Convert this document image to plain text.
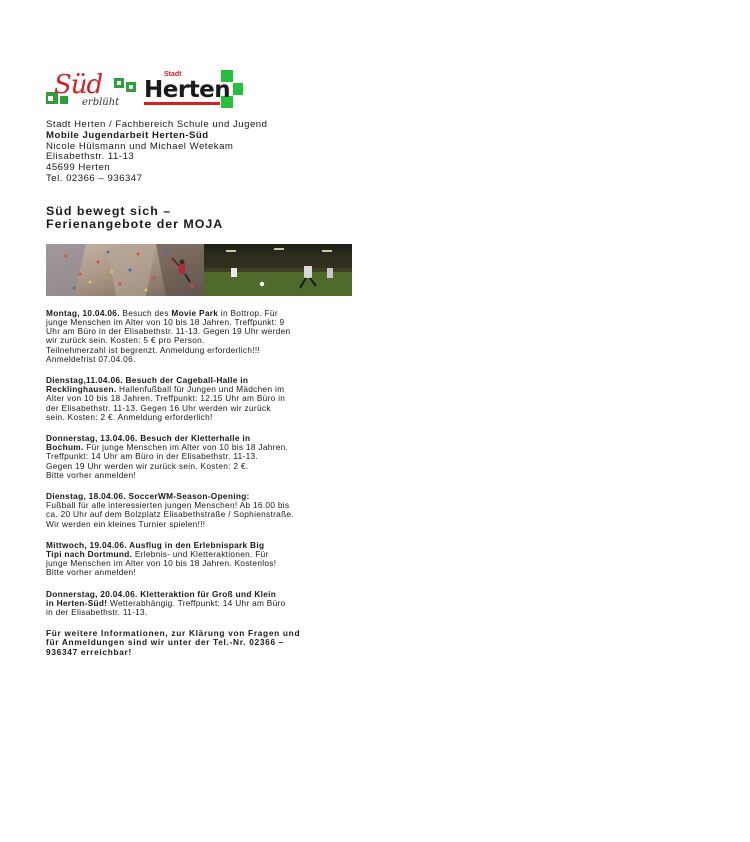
Süd
erblüht
Stadt
Herten
Stadt Herten / Fachbereich Schule und Jugend
Mobile Jugendarbeit Herten-Süd
Nicole Hülsmann und Michael Wetekam
Elisabethstr. 11-13
45699 Herten
Tel. 02366 – 936347
Süd bewegt sich –
Ferienangebote der MOJA
Montag, 10.04.06. Besuch des Movie Park in Bottrop. Für
junge Menschen im Alter von 10 bis 18 Jahren. Treffpunkt: 9
Uhr am Büro in der Elisabethstr. 11-13. Gegen 19 Uhr werden
wir zurück sein. Kosten: 5 € pro Person.
Teilnehmerzahl ist begrenzt. Anmeldung erforderlich!!!
Anmeldefrist 07.04.06.
Dienstag,11.04.06. Besuch der Cageball-Halle in
Recklinghausen. Hallenfußball für Jungen und Mädchen im
Alter von 10 bis 18 Jahren. Treffpunkt: 12.15 Uhr am Büro in
der Elisabethstr. 11-13. Gegen 16 Uhr werden wir zurück
sein. Kosten: 2 €. Anmeldung erforderlich!
Donnerstag, 13.04.06. Besuch der Kletterhalle in
Bochum. Für junge Menschen im Alter von 10 bis 18 Jahren.
Treffpunkt: 14 Uhr am Büro in der Elisabethstr. 11-13.
Gegen 19 Uhr werden wir zurück sein. Kosten: 2 €.
Bitte vorher anmelden!
Dienstag, 18.04.06. SoccerWM-Season-Opening:
Fußball für alle interessierten jungen Menschen! Ab 16.00 bis
ca. 20 Uhr auf dem Bolzplatz Elisabethstraße / Sophienstraße.
Wir werden ein kleines Turnier spielen!!!
Mittwoch, 19.04.06. Ausflug in den Erlebnispark Big
Tipi nach Dortmund. Erlebnis- und Kletteraktionen. Für
junge Menschen im Alter von 10 bis 18 Jahren. Kostenlos!
Bitte vorher anmelden!
Donnerstag, 20.04.06. Kletteraktion für Groß und Klein
in Herten-Süd! Wetterabhängig. Treffpunkt: 14 Uhr am Büro
in der Elisabethstr. 11-13.
Für weitere Informationen, zur Klärung von Fragen und
für Anmeldungen sind wir unter der Tel.-Nr. 02366 –
936347 erreichbar!
